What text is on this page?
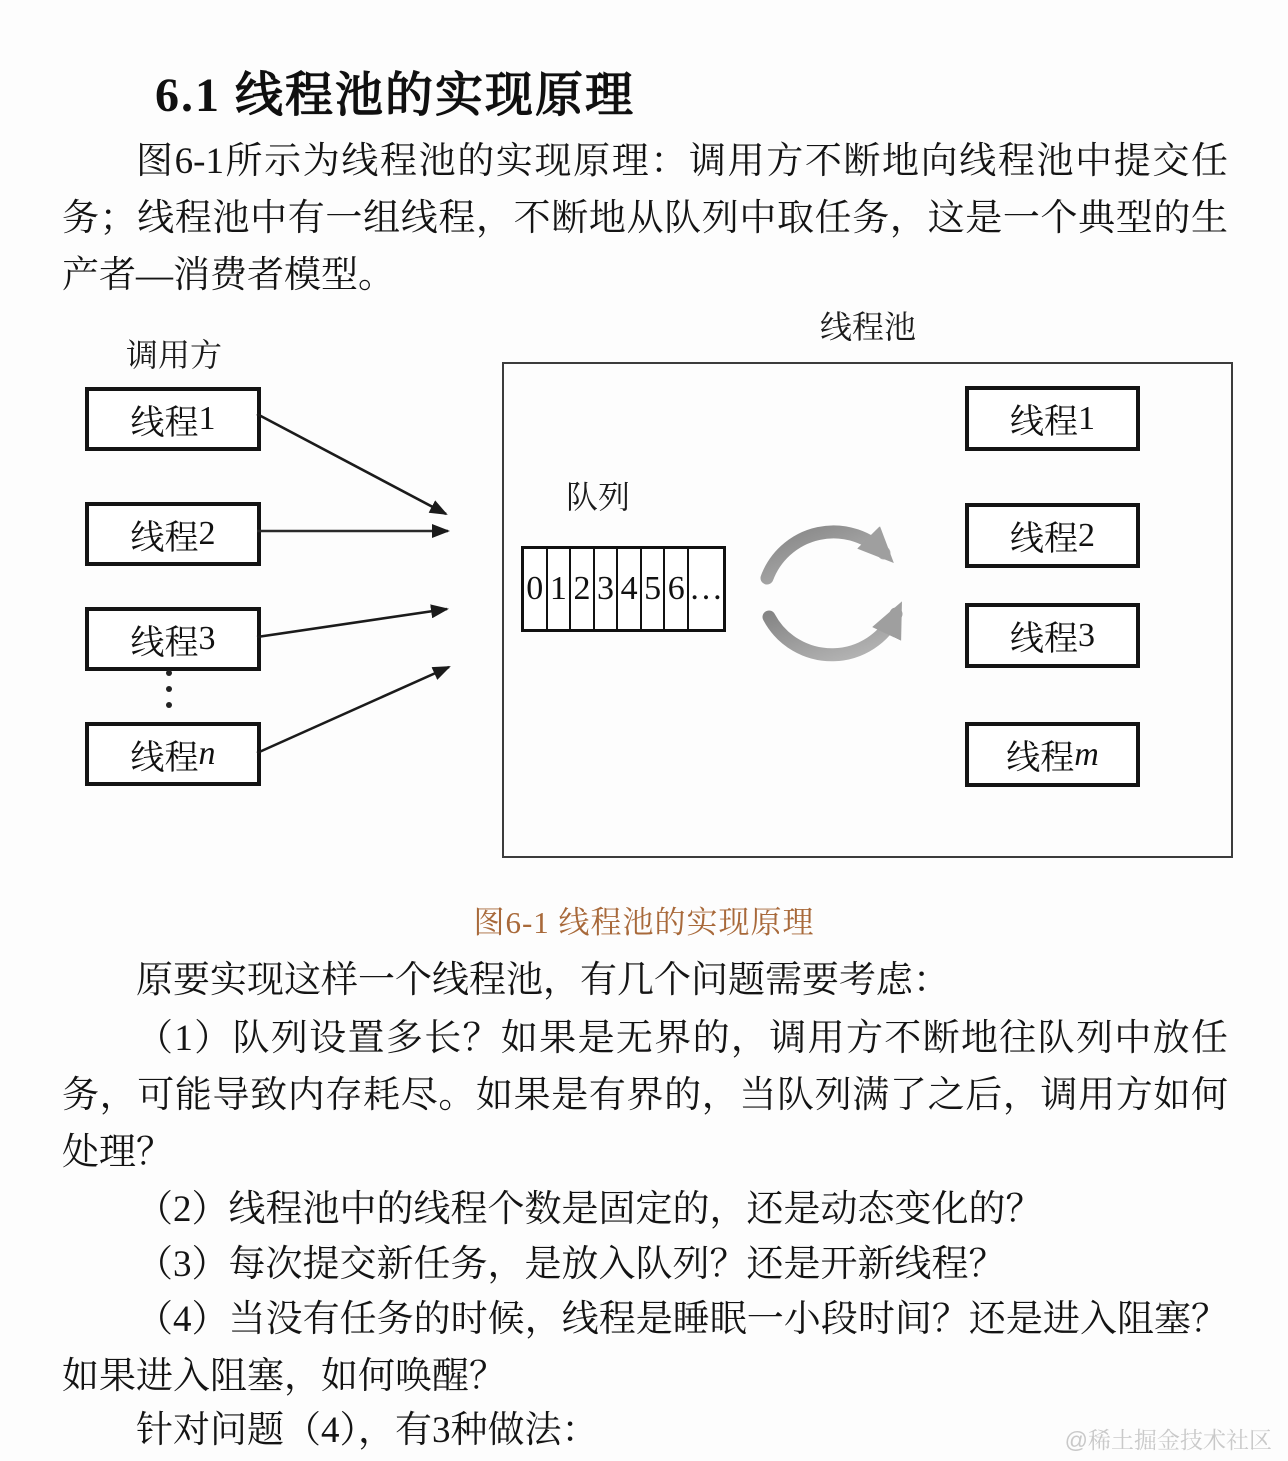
6.1 线程池的实现原理

图6-1所示为线程池的实现原理：调用方不断地向线程池中提交任务；线程池中有一组线程，不断地从队列中取任务，这是一个典型的生产者—消费者模型。

调用方
线程池
线程 1
线程 2
线程 3
线程 n
队列
0 1 2 3 4 5 6 …
线程 1
线程 2
线程 3
线程 m

图6-1 线程池的实现原理

原要实现这样一个线程池，有几个问题需要考虑：

（1）队列设置多长？如果是无界的，调用方不断地往队列中放任务，可能导致内存耗尽。如果是有界的，当队列满了之后，调用方如何处理？

（2）线程池中的线程个数是固定的，还是动态变化的？

（3）每次提交新任务，是放入队列？还是开新线程？

（4）当没有任务的时候，线程是睡眠一小段时间？还是进入阻塞？如果进入阻塞，如何唤醒？

针对问题（4），有3种做法：	@稀土掘金技术社区
